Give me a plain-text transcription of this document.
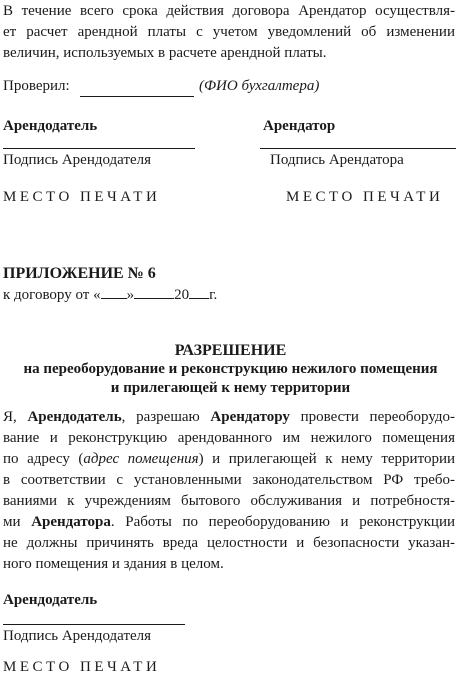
В течение всего срока действия договора Арендатор осуществля-
ет расчет арендной платы с учетом уведомлений об изменении
величин, используемых в расчете арендной платы.
Проверил:	(ФИО бухгалтера)
Арендодатель	Арендатор
Подпись Арендодателя	Подпись Арендатора
МЕСТО ПЕЧАТИ	МЕСТО ПЕЧАТИ
ПРИЛОЖЕНИЕ № 6
к договору от « »	20 г.
РАЗРЕШЕНИЕ
на переоборудование и реконструкцию нежилого помещения
и прилегающей к нему территории
Я, Арендодатель, разрешаю Арендатору провести переоборудо-
вание и реконструкцию арендованного им нежилого помещения
по адресу (адрес помещения) и прилегающей к нему территории
в соответствии с установленными законодательством РФ требо-
ваниями к учреждениям бытового обслуживания и потребностя-
ми Арендатора. Работы по переоборудованию и реконструкции
не должны причинять вреда целостности и безопасности указан-
ного помещения и здания в целом.
Арендодатель
Подпись Арендодателя
МЕСТО ПЕЧАТИ
